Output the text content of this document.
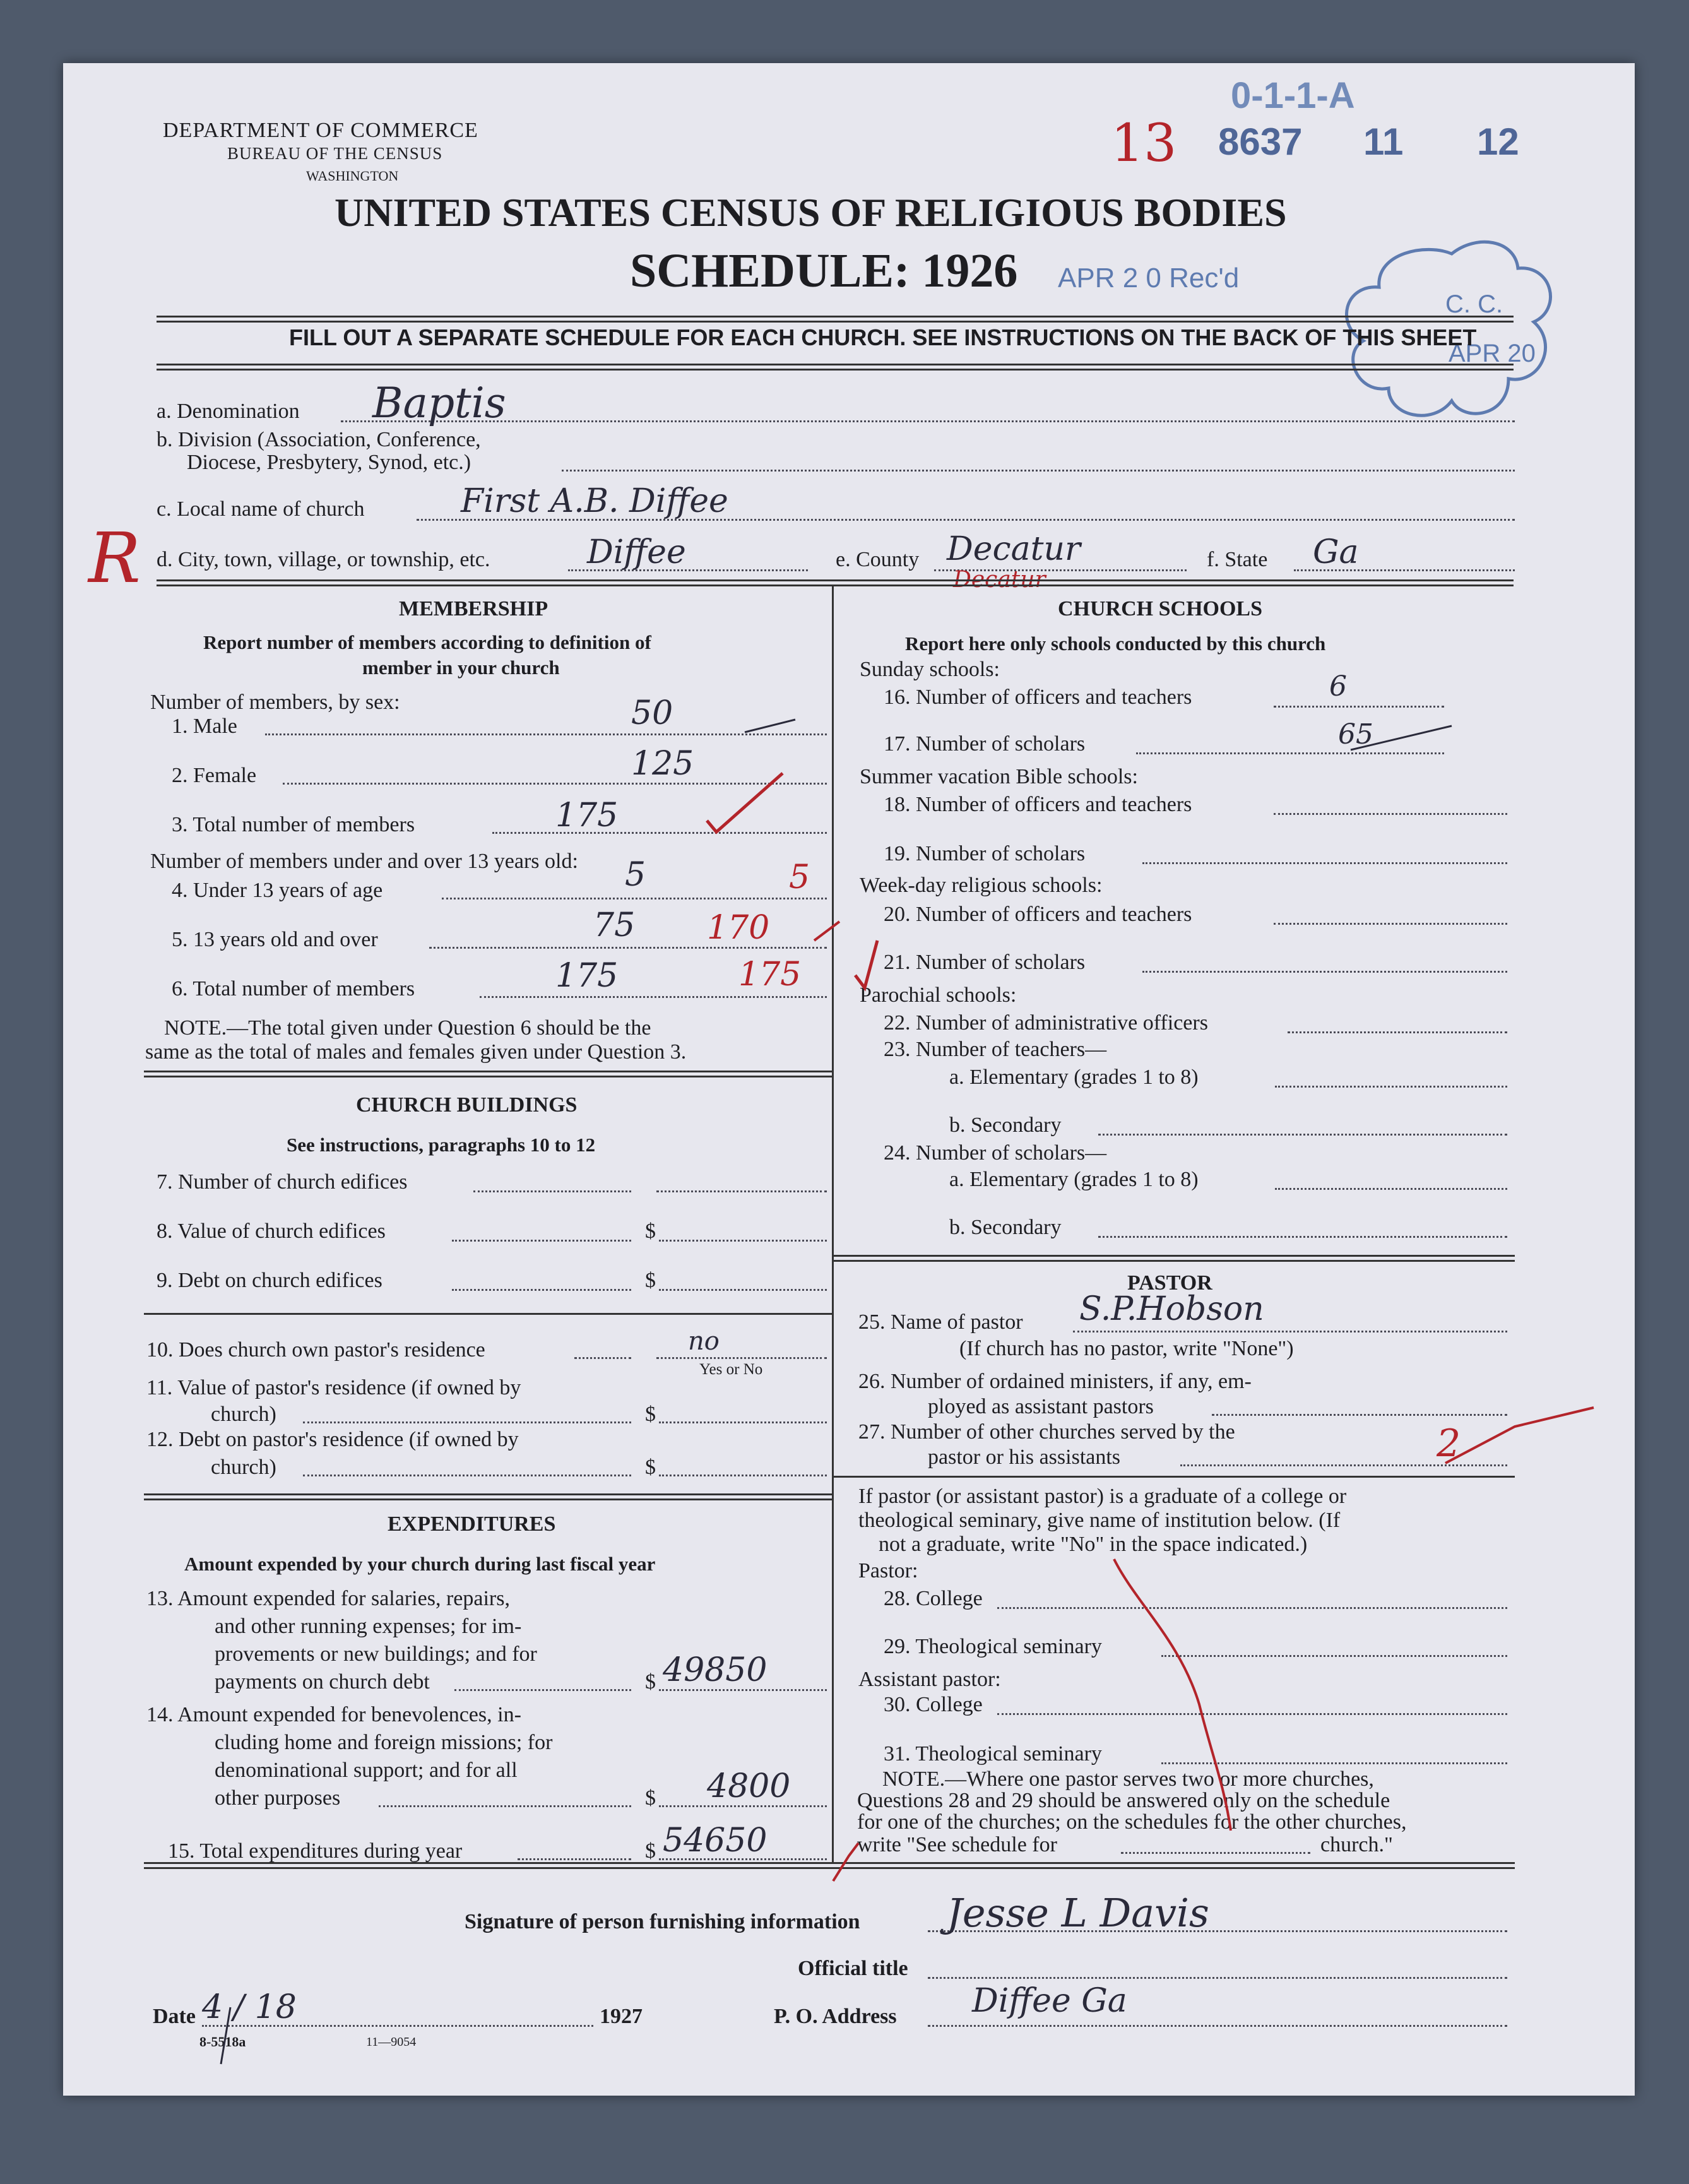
DEPARTMENT OF COMMERCE
BUREAU OF THE CENSUS
WASHINGTON
UNITED STATES CENSUS OF RELIGIOUS BODIES
SCHEDULE: 1926
0-1-1-A
8637 11 12
13
APR 2 0 Rec'd
C. C.
APR 20
FILL OUT A SEPARATE SCHEDULE FOR EACH CHURCH. SEE INSTRUCTIONS ON THE BACK OF THIS SHEET
R
a. Denomination Baptis
b. Division (Association, Conference,
Diocese, Presbytery, Synod, etc.)
c. Local name of church	First A.B. Diffee
d. City, town, village, or township, etc.	Diffee	e. County Decatur
Decatur
f. State Ga
MEMBERSHIP
Report number of members according to definition of
member in your church
Number of members, by sex:
1. Male	50
2. Female	125
3. Total number of members	175
Number of members under and over 13 years old:
4. Under 13 years of age	5	5
5. 13 years old and over	75 170
6. Total number of members	175	175
NOTE.—The total given under Question 6 should be the
same as the total of males and females given under Question 3.
CHURCH BUILDINGS
See instructions, paragraphs 10 to 12
7. Number of church edifices
8. Value of church edifices	$
9. Debt on church edifices	$
10. Does church own pastor's residence	no
Yes or No
11. Value of pastor's residence (if owned by
church)	$
12. Debt on pastor's residence (if owned by
church)	$
EXPENDITURES
Amount expended by your church during last fiscal year
13. Amount expended for salaries, repairs,
and other running expenses; for im-
provements or new buildings; and for
payments on church debt	$ 49850
14. Amount expended for benevolences, in-
cluding home and foreign missions; for
denominational support; and for all
other purposes	$ 4800
15. Total expenditures during year	$ 54650
CHURCH SCHOOLS
Report here only schools conducted by this church
Sunday schools:
16. Number of officers and teachers	6
17. Number of scholars	65
Summer vacation Bible schools:
18. Number of officers and teachers
19. Number of scholars
Week-day religious schools:
20. Number of officers and teachers
21. Number of scholars
Parochial schools:
22. Number of administrative officers
23. Number of teachers—
a. Elementary (grades 1 to 8)
b. Secondary
24. Number of scholars—
a. Elementary (grades 1 to 8)
b. Secondary
PASTOR
25. Name of pastor S.P.Hobson
(If church has no pastor, write "None")
26. Number of ordained ministers, if any, em-
ployed as assistant pastors
27. Number of other churches served by the
pastor or his assistants	2
If pastor (or assistant pastor) is a graduate of a college or
theological seminary, give name of institution below. (If
not a graduate, write "No" in the space indicated.)
Pastor:
28. College
29. Theological seminary
Assistant pastor:
30. College
31. Theological seminary
NOTE.—Where one pastor serves two or more churches,
Questions 28 and 29 should be answered only on the schedule
for one of the churches; on the schedules for the other churches,
write "See schedule for	church."
Signature of person furnishing information Jesse L Davis
Official title
Date 4 / 18	1927	P. O. Address Diffee Ga
8-5518a	11—9054
